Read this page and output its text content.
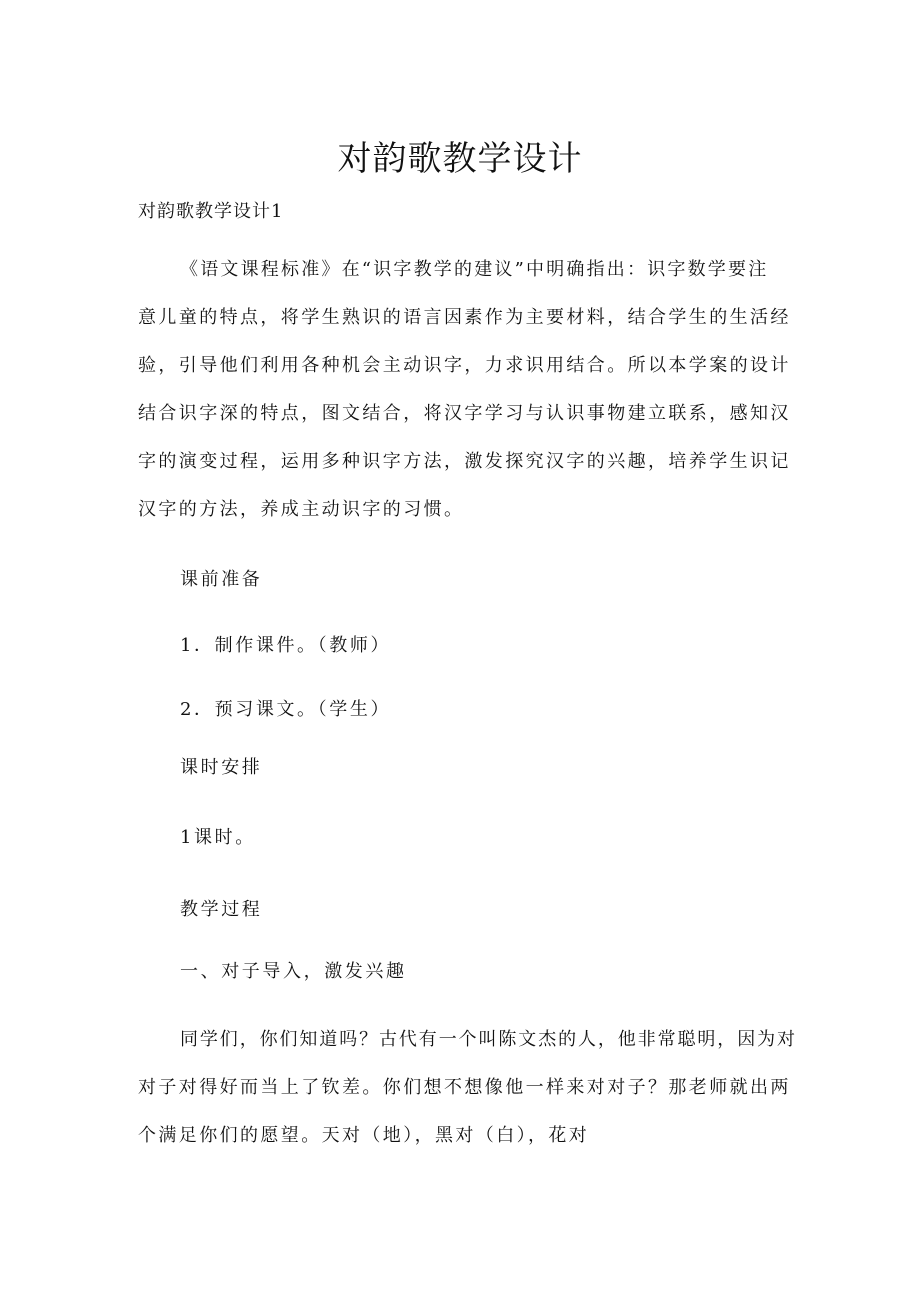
对韵歌教学设计

对韵歌教学设计1

《语文课程标准》在“识字教学的建议”中明确指出：识字数学要注
意儿童的特点，将学生熟识的语言因素作为主要材料，结合学生的生活经
验，引导他们利用各种机会主动识字，力求识用结合。所以本学案的设计
结合识字深的特点，图文结合，将汉字学习与认识事物建立联系，感知汉
字的演变过程，运用多种识字方法，激发探究汉字的兴趣，培养学生识记
汉字的方法，养成主动识字的习惯。

课前准备

1．制作课件。（教师）

2．预习课文。（学生）

课时安排

1课时。

教学过程

一、对子导入，激发兴趣

同学们，你们知道吗？古代有一个叫陈文杰的人，他非常聪明，因为对
对子对得好而当上了钦差。你们想不想像他一样来对对子？那老师就出两
个满足你们的愿望。天对（地），黑对（白），花对
